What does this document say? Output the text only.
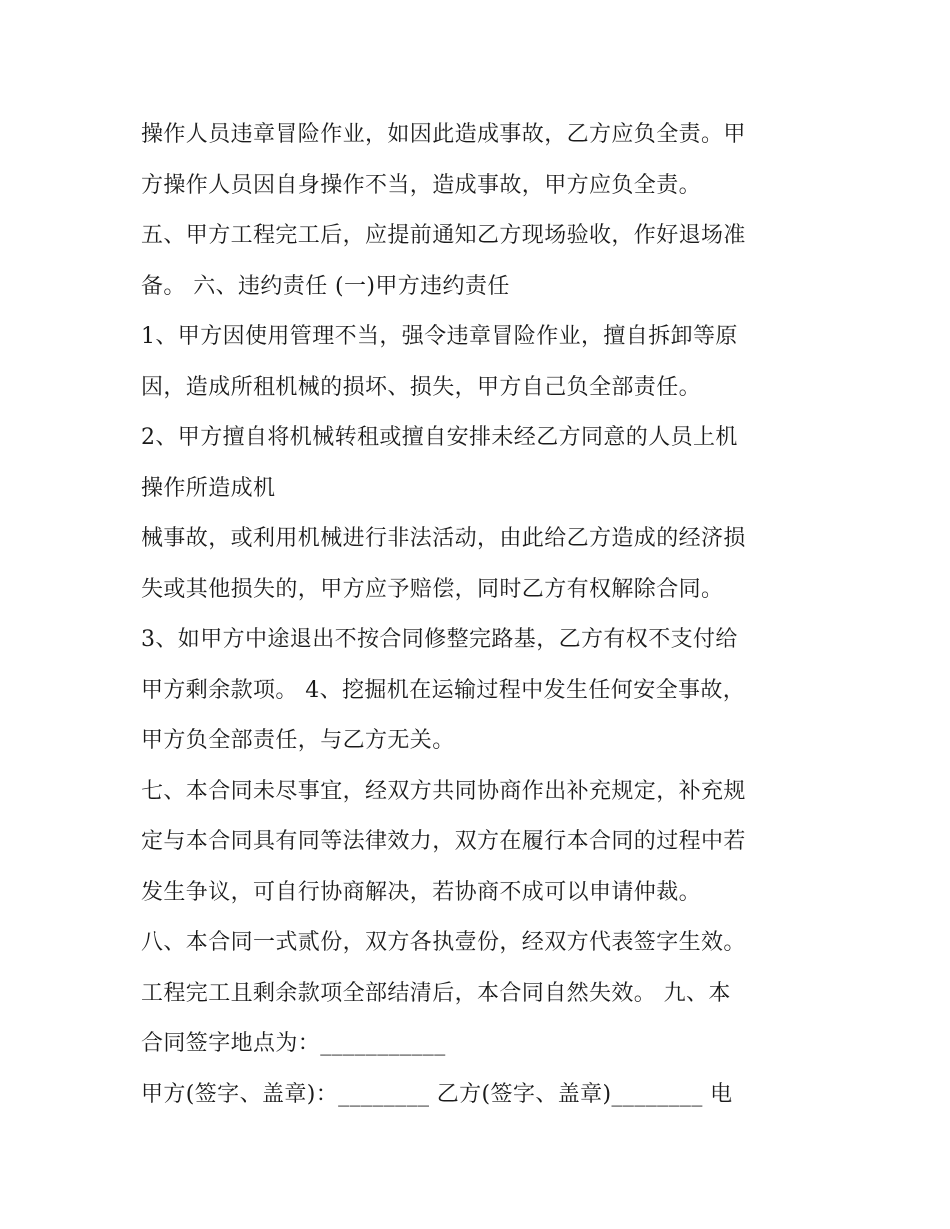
操作人员违章冒险作业，如因此造成事故，乙方应负全责。甲
方操作人员因自身操作不当，造成事故，甲方应负全责。
五、甲方工程完工后，应提前通知乙方现场验收，作好退场准
备。 六、违约责任 (一)甲方违约责任
1、甲方因使用管理不当，强令违章冒险作业，擅自拆卸等原
因，造成所租机械的损坏、损失，甲方自己负全部责任。
2、甲方擅自将机械转租或擅自安排未经乙方同意的人员上机
操作所造成机
械事故，或利用机械进行非法活动，由此给乙方造成的经济损
失或其他损失的，甲方应予赔偿，同时乙方有权解除合同。
3、如甲方中途退出不按合同修整完路基，乙方有权不支付给
甲方剩余款项。 4、挖掘机在运输过程中发生任何安全事故，
甲方负全部责任，与乙方无关。
七、本合同未尽事宜，经双方共同协商作出补充规定，补充规
定与本合同具有同等法律效力，双方在履行本合同的过程中若
发生争议，可自行协商解决，若协商不成可以申请仲裁。
八、本合同一式贰份，双方各执壹份，经双方代表签字生效。
工程完工且剩余款项全部结清后，本合同自然失效。 九、本
合同签字地点为：___________
甲方(签字、盖章)：________ 乙方(签字、盖章)________ 电
